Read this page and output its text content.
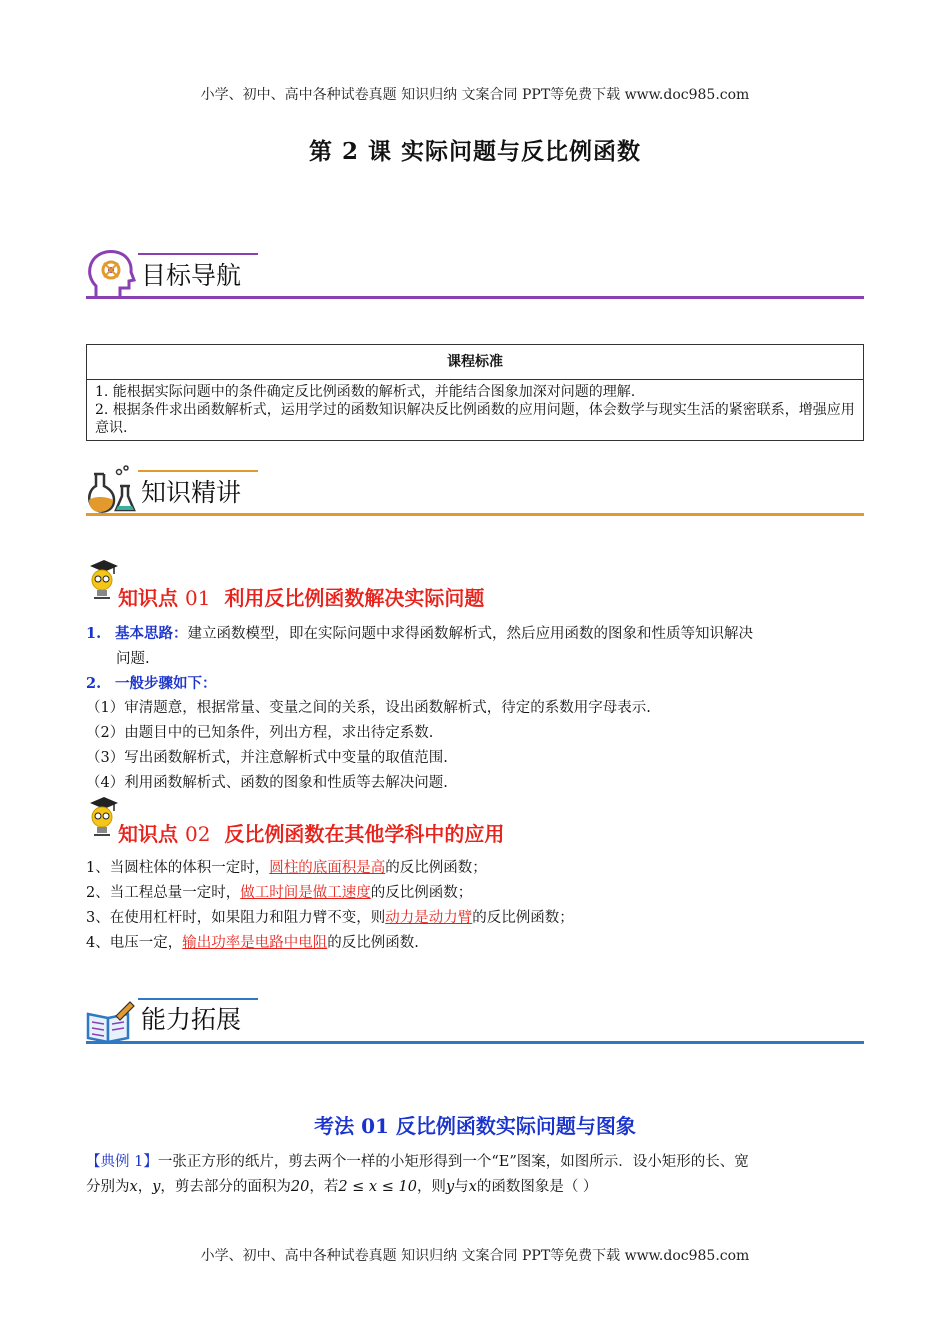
小学、初中、高中各种试卷真题 知识归纳 文案合同 PPT等免费下载 www.doc985.com
第 2 课 实际问题与反比例函数
目标导航
课程标准

1. 能根据实际问题中的条件确定反比例函数的解析式，并能结合图象加深对问题的理解.
2. 根据条件求出函数解析式，运用学过的函数知识解决反比例函数的应用问题，体会数学与现实生活的紧密联系，增强应用意识.
知识精讲
知识点 01 利用反比例函数解决实际问题
1. 基本思路：建立函数模型，即在实际问题中求得函数解析式，然后应用函数的图象和性质等知识解决
问题.
2. 一般步骤如下：
（1）审清题意，根据常量、变量之间的关系，设出函数解析式，待定的系数用字母表示.
（2）由题目中的已知条件，列出方程，求出待定系数.
（3）写出函数解析式，并注意解析式中变量的取值范围.
（4）利用函数解析式、函数的图象和性质等去解决问题.
知识点 02 反比例函数在其他学科中的应用
1、当圆柱体的体积一定时，圆柱的底面积是高的反比例函数；
2、当工程总量一定时，做工时间是做工速度的反比例函数；
3、在使用杠杆时，如果阻力和阻力臂不变，则动力是动力臂的反比例函数；
4、电压一定，输出功率是电路中电阻的反比例函数.
能力拓展
考法 01 反比例函数实际问题与图象
【典例 1】一张正方形的纸片，剪去两个一样的小矩形得到一个“E”图案，如图所示．设小矩形的长、宽
分别为x，y，剪去部分的面积为20，若2 ≤ x ≤ 10，则y与x的函数图象是（ ）
小学、初中、高中各种试卷真题 知识归纳 文案合同 PPT等免费下载 www.doc985.com
